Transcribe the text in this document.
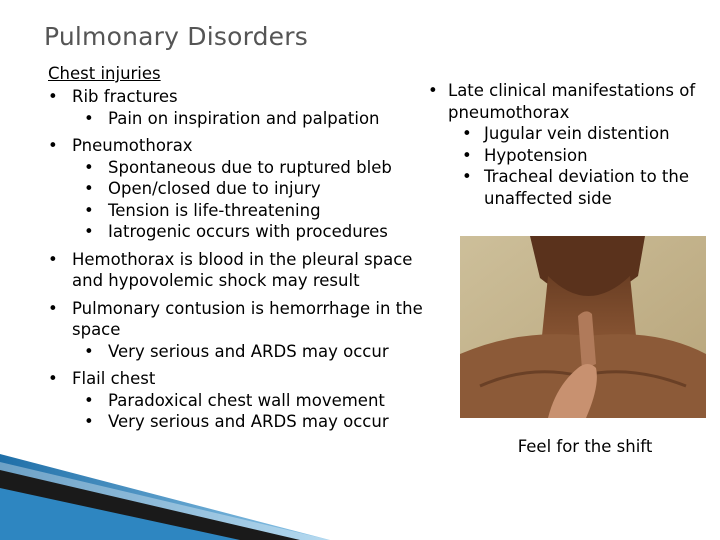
Pulmonary Disorders
Chest injuries
• Rib fractures
• Pain on inspiration and palpation
• Pneumothorax
• Spontaneous due to ruptured bleb
• Open/closed due to injury
• Tension is life-threatening
• Iatrogenic occurs with procedures
• Hemothorax is blood in the pleural space and hypovolemic shock may result
• Pulmonary contusion is hemorrhage in the space
• Very serious and ARDS may occur
• Flail chest
• Paradoxical chest wall movement
• Very serious and ARDS may occur
• Late clinical manifestations of pneumothorax
• Jugular vein distention
• Hypotension
• Tracheal deviation to the unaffected side
Feel for the shift
